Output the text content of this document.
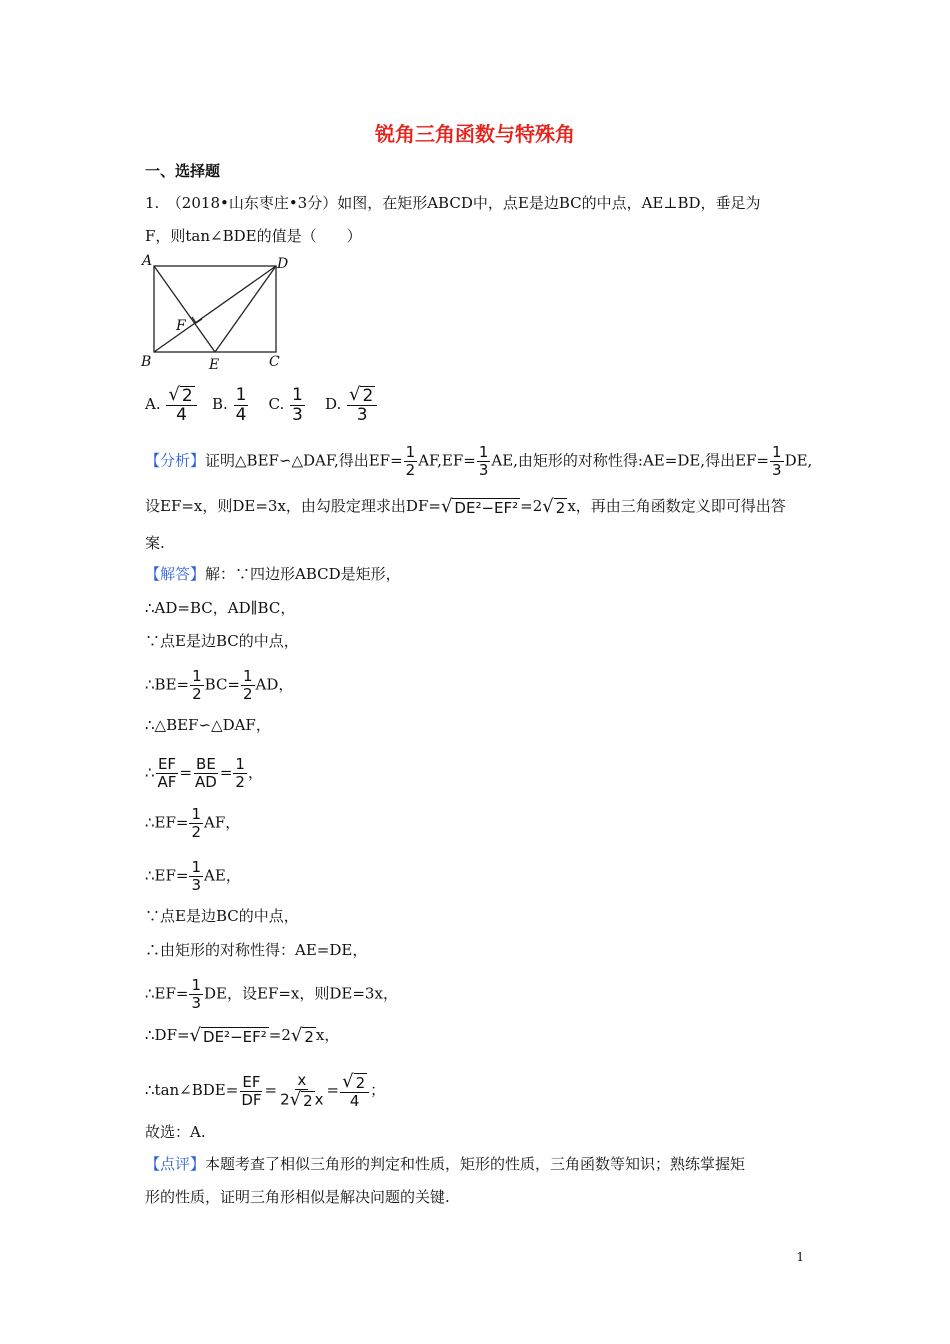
锐角三角函数与特殊角
一、选择题
1.　（2018•山东枣庄•3分）如图，在矩形ABCD中，点E是边BC的中点，AE⊥BD，垂足为
F，则tan∠BDE的值是（　　）
A	D
B	C
E
F
A. $\frac{√ 2}{4} B$. $\frac{1}{4} C$. $\frac{1}{3} D$. $\frac{√ 2}{3}$
【分析】证明△BEF∽△DAF,得出$EF= \frac{1}{2} AF,EF= \frac{1}{3}$ AE,由矩形的对称性得:AE=DE,得出$EF= \frac{1}{3}$ DE,
设EF=x，则DE=3x，由勾股定理求出DF= √ DE²−EF² =2 √ 2 x，再由三角函数定义即可得出答
案.
【解答】解：∵四边形ABCD是矩形，
∴AD=BC，AD∥BC，
∵点E是边BC的中点，
∴BE= $\frac{1}{2} BC= \frac{1}{2}$ AD，
∴△BEF∽△DAF，
∴ $\frac{EF}{AF} = \frac{BE}{AD} = \frac{1}{2}$ ，
∴EF= $\frac{1}{2}$ AF，
∴EF= $\frac{1}{3}$ AE，
∵点E是边BC的中点，
∴由矩形的对称性得：AE=DE，
∴EF= $\frac{1}{3}$ DE，设EF=x，则DE=3x，
∴DF= √ DE²−EF² =2 √ 2 x，
∴tan∠BDE= $\frac{EF}{DF} = \frac{x}{2 √ 2 x} = \frac{√ 2}{4}$ ；
故选：A.
【点评】本题考查了相似三角形的判定和性质，矩形的性质，三角函数等知识；熟练掌握矩
形的性质，证明三角形相似是解决问题的关键.
1
